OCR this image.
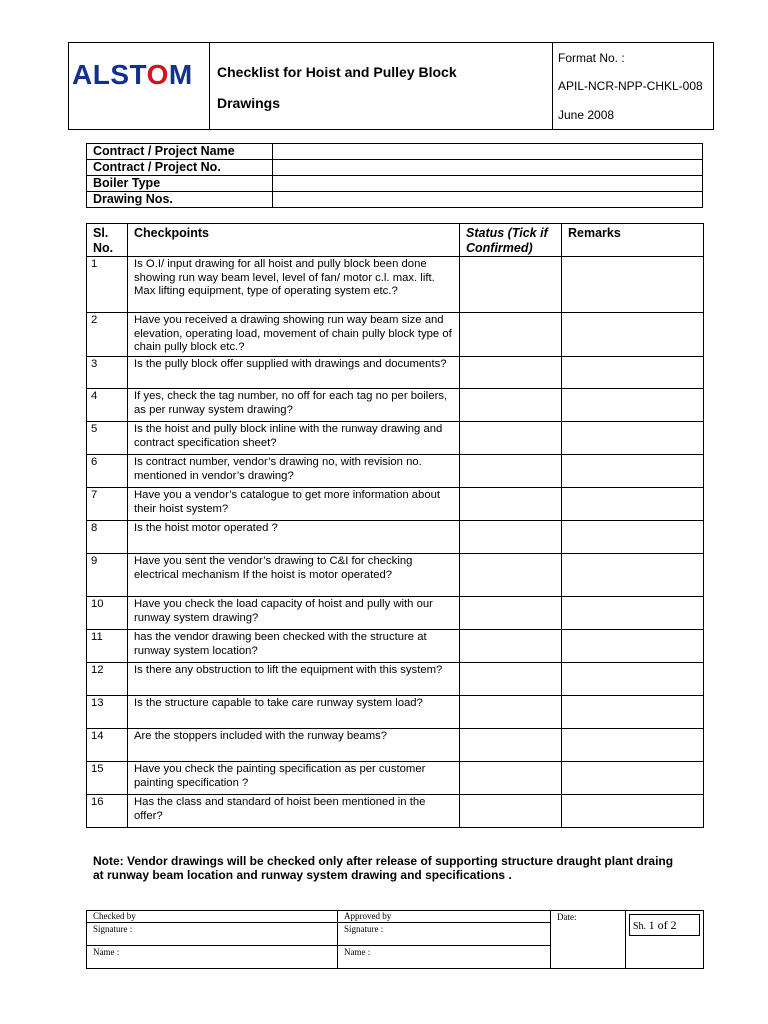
ALSTOM Checklist for Hoist and Pulley Block
Drawings
Format No. :
APIL-NCR-NPP-CHKL-008
June 2008
Contract / Project Name	
Contract / Project No.	
Boiler Type	
Drawing Nos.	
Sl. No.	Checkpoints	Status (Tick if Confirmed)	Remarks
1	Is O.I/ input drawing for all hoist and pully block been done showing run way beam level, level of fan/ motor c.l. max. lift. Max lifting equipment, type of operating system etc.?		
2	Have you received a drawing showing run way beam size and elevation, operating load, movement of chain pully block type of chain pully block etc.?		
3	Is the pully block offer supplied with drawings and documents?		
4	If yes, check the tag number, no off for each tag no per boilers, as per runway system drawing?		
5	Is the hoist and pully block inline with the runway drawing and contract specification sheet?		
6	Is contract number, vendor’s drawing no, with revision no. mentioned in vendor’s drawing?		
7	Have you a vendor’s catalogue to get more information about their hoist system?		
8	Is the hoist motor operated ?		
9	Have you sent the vendor’s drawing to C&I for checking electrical mechanism If the hoist is motor operated?		
10	Have you check the load capacity of hoist and pully with our runway system drawing?		
11	has the vendor drawing been checked with the structure at runway system location?		
12	Is there any obstruction to lift the equipment with this system?		
13	Is the structure capable to take care runway system load?		
14	Are the stoppers included with the runway beams?		
15	Have you check the painting specification as per customer painting specification ?		
16	Has the class and standard of hoist been mentioned in the offer?		
Note: Vendor drawings will be checked only after release of supporting structure draught plant draing at runway beam location and runway system drawing and specifications .
Checked by	Approved by	Date:	Sh. 1 of 2

Signature :	Signature :		
Name :	Name :		
